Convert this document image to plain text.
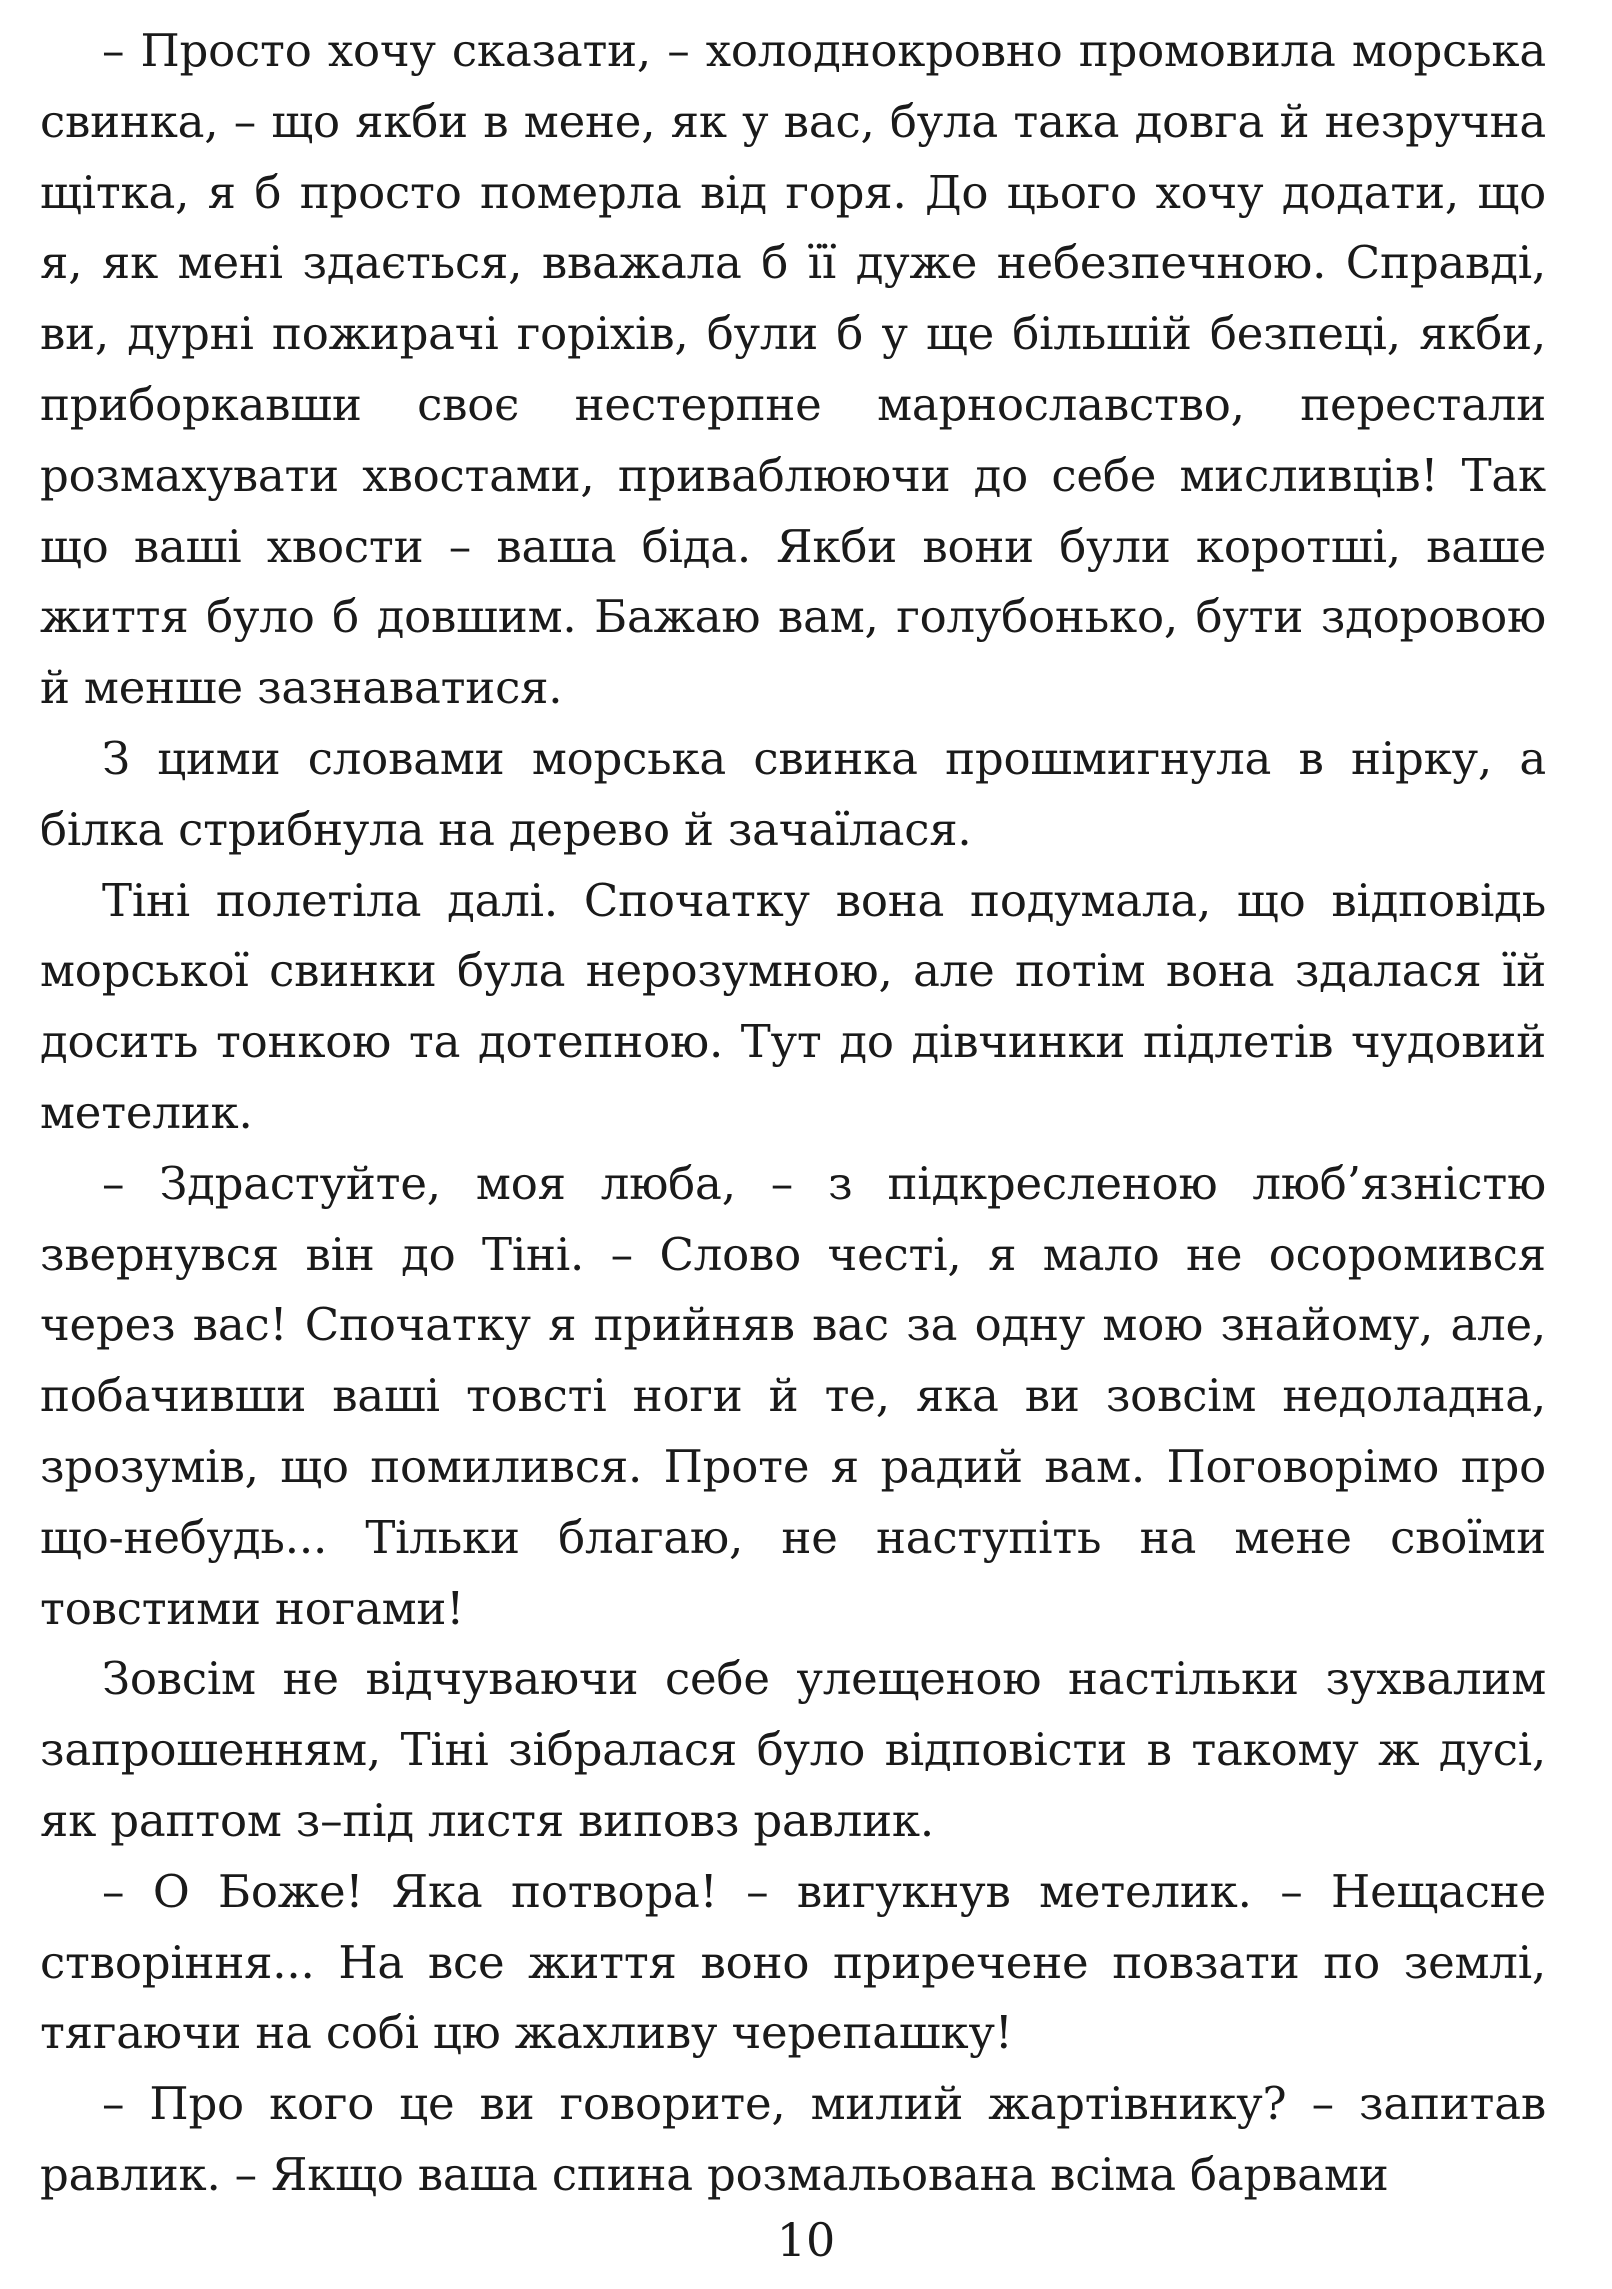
– Просто хочу сказати, – холоднокровно промовила морська свинка, – що якби в мене, як у вас, була така довга й незручна щітка, я б просто померла від горя. До цього хочу додати, що я, як мені здається, вважала б її дуже небезпечною. Справді, ви, дурні пожирачі горіхів, були б у ще більшій безпеці, якби, приборкавши своє нестерпне марнославство, перестали розмахувати хвостами, приваблюючи до себе мисливців! Так що ваші хвости – ваша біда. Якби вони були коротші, ваше життя було б довшим. Бажаю вам, голубонько, бути здоровою й менше зазнаватися.

З цими словами морська свинка прошмигнула в нірку, а білка стрибнула на дерево й зачаїлася.

Тіні полетіла далі. Спочатку вона подумала, що відповідь морської свинки була нерозумною, але потім вона здалася їй досить тонкою та дотепною. Тут до дівчинки підлетів чудовий метелик.

– Здрастуйте, моя люба, – з підкресленою люб’язністю звернувся він до Тіні. – Слово честі, я мало не осоромився через вас! Спочатку я прийняв вас за одну мою знайому, але, побачивши ваші товсті ноги й те, яка ви зовсім недоладна, зрозумів, що помилився. Проте я радий вам. Поговорімо про що-небудь... Тільки благаю, не наступіть на мене своїми товстими ногами!

Зовсім не відчуваючи себе улещеною настільки зухвалим запрошенням, Тіні зібралася було відповісти в такому ж дусі, як раптом з–під листя виповз равлик.

– О Боже! Яка потвора! – вигукнув метелик. – Нещасне створіння... На все життя воно приречене повзати по землі, тягаючи на собі цю жахливу черепашку!

– Про кого це ви говорите, милий жартівнику? – запитав равлик. – Якщо ваша спина розмальована всіма барвами

10
